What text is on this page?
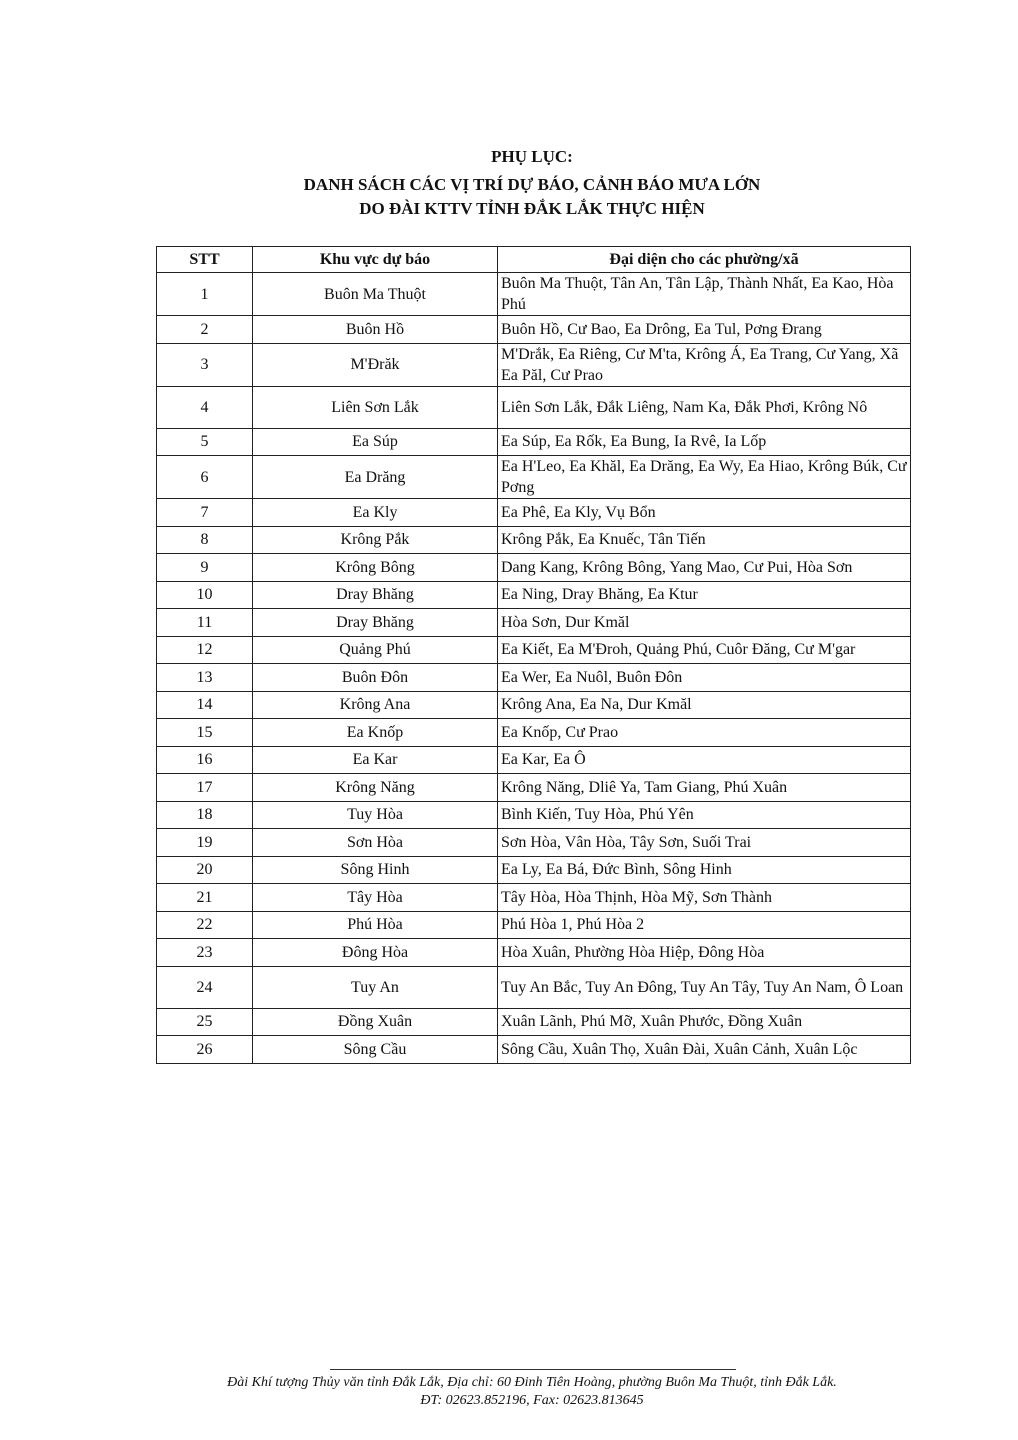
PHỤ LỤC:
DANH SÁCH CÁC VỊ TRÍ DỰ BÁO, CẢNH BÁO MƯA LỚN
DO ĐÀI KTTV TỈNH ĐẮK LẮK THỰC HIỆN
STT	Khu vực dự báo	Đại diện cho các phường/xã
1	Buôn Ma Thuột	Buôn Ma Thuột, Tân An, Tân Lập, Thành Nhất, Ea Kao, Hòa Phú
2	Buôn Hồ	Buôn Hồ, Cư Bao, Ea Drông, Ea Tul, Pơng Đrang
3	M'Đrăk	M'Drắk, Ea Riêng, Cư M'ta, Krông Á, Ea Trang, Cư Yang, Xã Ea Păl, Cư Prao
4	Liên Sơn Lắk	Liên Sơn Lắk, Đắk Liêng, Nam Ka, Đắk Phơi, Krông Nô
5	Ea Súp	Ea Súp, Ea Rốk, Ea Bung, Ia Rvê, Ia Lốp
6	Ea Drăng	Ea H'Leo, Ea Khăl, Ea Drăng, Ea Wy, Ea Hiao, Krông Búk, Cư Pơng
7	Ea Kly	Ea Phê, Ea Kly, Vụ Bổn
8	Krông Pắk	Krông Pắk, Ea Knuếc, Tân Tiến
9	Krông Bông	Dang Kang, Krông Bông, Yang Mao, Cư Pui, Hòa Sơn
10	Dray Bhăng	Ea Ning, Dray Bhăng, Ea Ktur
11	Dray Bhăng	Hòa Sơn, Dur Kmăl
12	Quảng Phú	Ea Kiết, Ea M'Đroh, Quảng Phú, Cuôr Đăng, Cư M'gar
13	Buôn Đôn	Ea Wer, Ea Nuôl, Buôn Đôn
14	Krông Ana	Krông Ana, Ea Na, Dur Kmăl
15	Ea Knốp	Ea Knốp, Cư Prao
16	Ea Kar	Ea Kar, Ea Ô
17	Krông Năng	Krông Năng, Dliê Ya, Tam Giang, Phú Xuân
18	Tuy Hòa	Bình Kiến, Tuy Hòa, Phú Yên
19	Sơn Hòa	Sơn Hòa, Vân Hòa, Tây Sơn, Suối Trai
20	Sông Hinh	Ea Ly, Ea Bá, Đức Bình, Sông Hinh
21	Tây Hòa	Tây Hòa, Hòa Thịnh, Hòa Mỹ, Sơn Thành
22	Phú Hòa	Phú Hòa 1, Phú Hòa 2
23	Đông Hòa	Hòa Xuân, Phường Hòa Hiệp, Đông Hòa
24	Tuy An	Tuy An Bắc, Tuy An Đông, Tuy An Tây, Tuy An Nam, Ô Loan
25	Đồng Xuân	Xuân Lãnh, Phú Mỡ, Xuân Phước, Đồng Xuân
26	Sông Cầu	Sông Cầu, Xuân Thọ, Xuân Đài, Xuân Cảnh, Xuân Lộc
Đài Khí tượng Thủy văn tỉnh Đắk Lắk, Địa chỉ: 60 Đinh Tiên Hoàng, phường Buôn Ma Thuột, tỉnh Đắk Lắk.
ĐT: 02623.852196, Fax: 02623.813645
